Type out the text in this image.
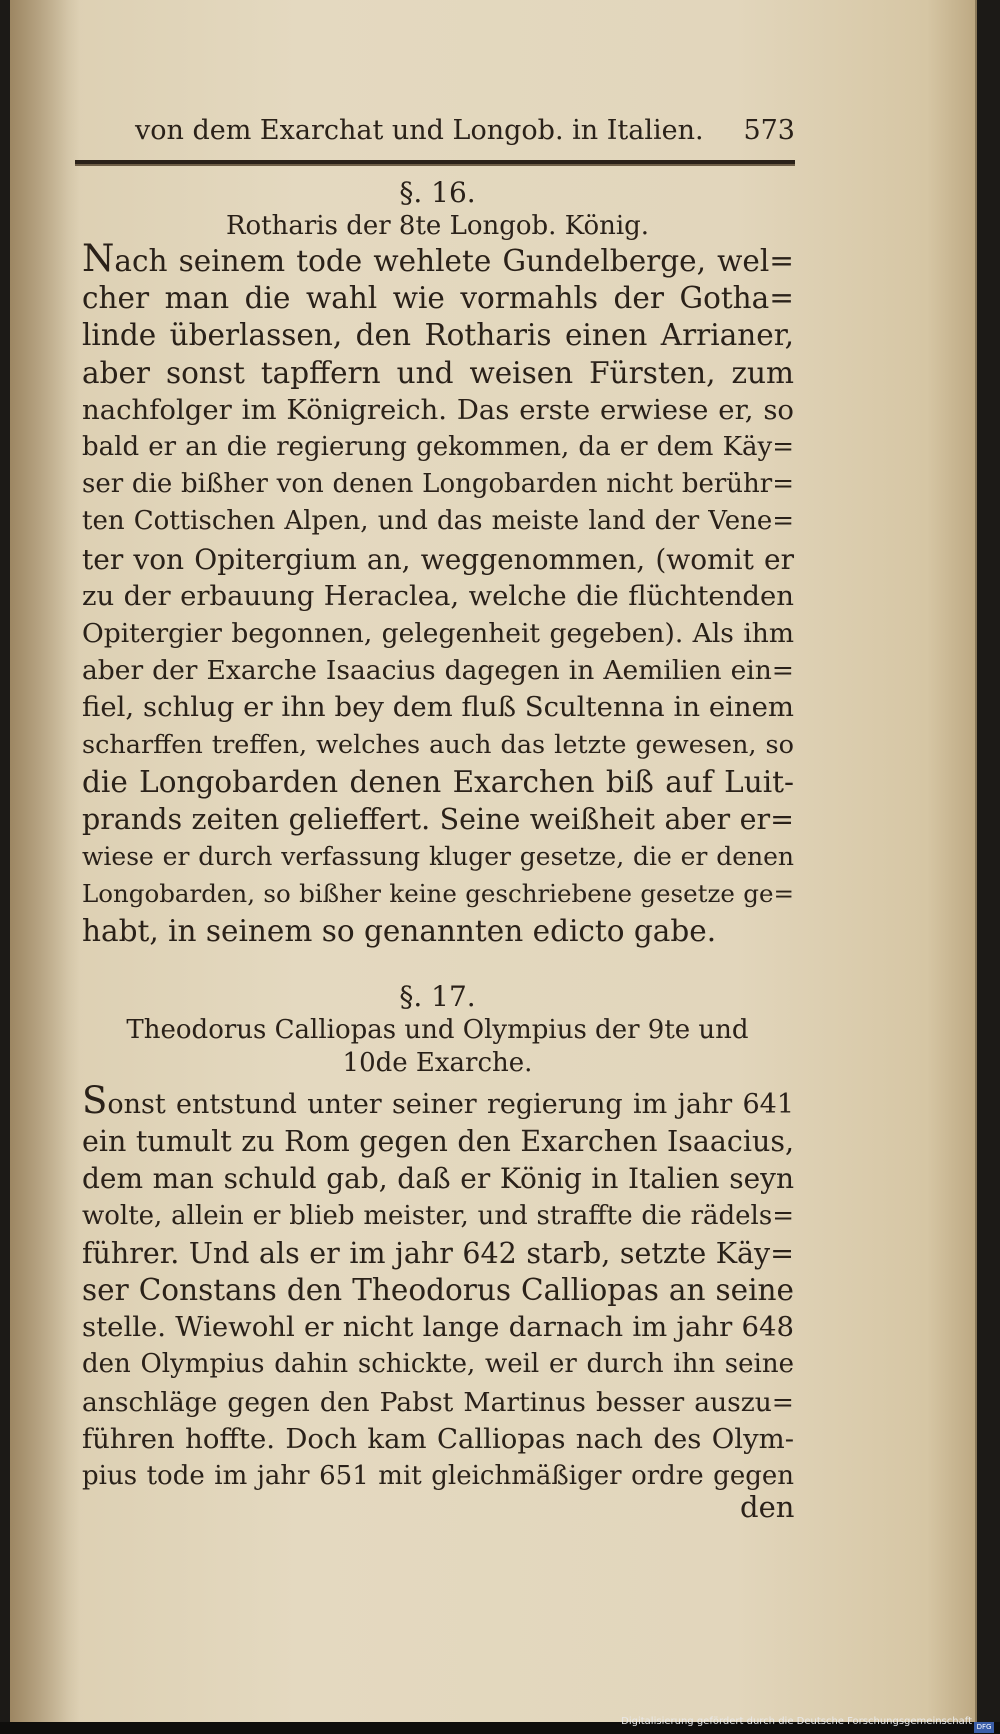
von dem Exarchat und Longob. in Italien. 573
§. 16.
Rotharis der 8te Longob. König.
Nach seinem tode wehlete Gundelberge, wel=
cher man die wahl wie vormahls der Gotha=
linde überlassen, den Rotharis einen Arrianer,
aber sonst tapffern und weisen Fürsten, zum
nachfolger im Königreich. Das erste erwiese er, so
bald er an die regierung gekommen, da er dem Käy=
ser die bißher von denen Longobarden nicht berühr=
ten Cottischen Alpen, und das meiste land der Vene=
ter von Opitergium an, weggenommen, (womit er
zu der erbauung Heraclea, welche die flüchtenden
Opitergier begonnen, gelegenheit gegeben). Als ihm
aber der Exarche Isaacius dagegen in Aemilien ein=
fiel, schlug er ihn bey dem fluß Scultenna in einem
scharffen treffen, welches auch das letzte gewesen, so
die Longobarden denen Exarchen biß auf Luit-
prands zeiten gelieffert. Seine weißheit aber er=
wiese er durch verfassung kluger gesetze, die er denen
Longobarden, so bißher keine geschriebene gesetze ge=
habt, in seinem so genannten edicto gabe.
§. 17.
Theodorus Calliopas und Olympius der 9te und
10de Exarche.
Sonst entstund unter seiner regierung im jahr 641
ein tumult zu Rom gegen den Exarchen Isaacius,
dem man schuld gab, daß er König in Italien seyn
wolte, allein er blieb meister, und straffte die rädels=
führer. Und als er im jahr 642 starb, setzte Käy=
ser Constans den Theodorus Calliopas an seine
stelle. Wiewohl er nicht lange darnach im jahr 648
den Olympius dahin schickte, weil er durch ihn seine
anschläge gegen den Pabst Martinus besser auszu=
führen hoffte. Doch kam Calliopas nach des Olym-
pius tode im jahr 651 mit gleichmäßiger ordre gegen
den
Digitalisierung gefördert durch die Deutsche Forschungsgemeinschaft DFG
